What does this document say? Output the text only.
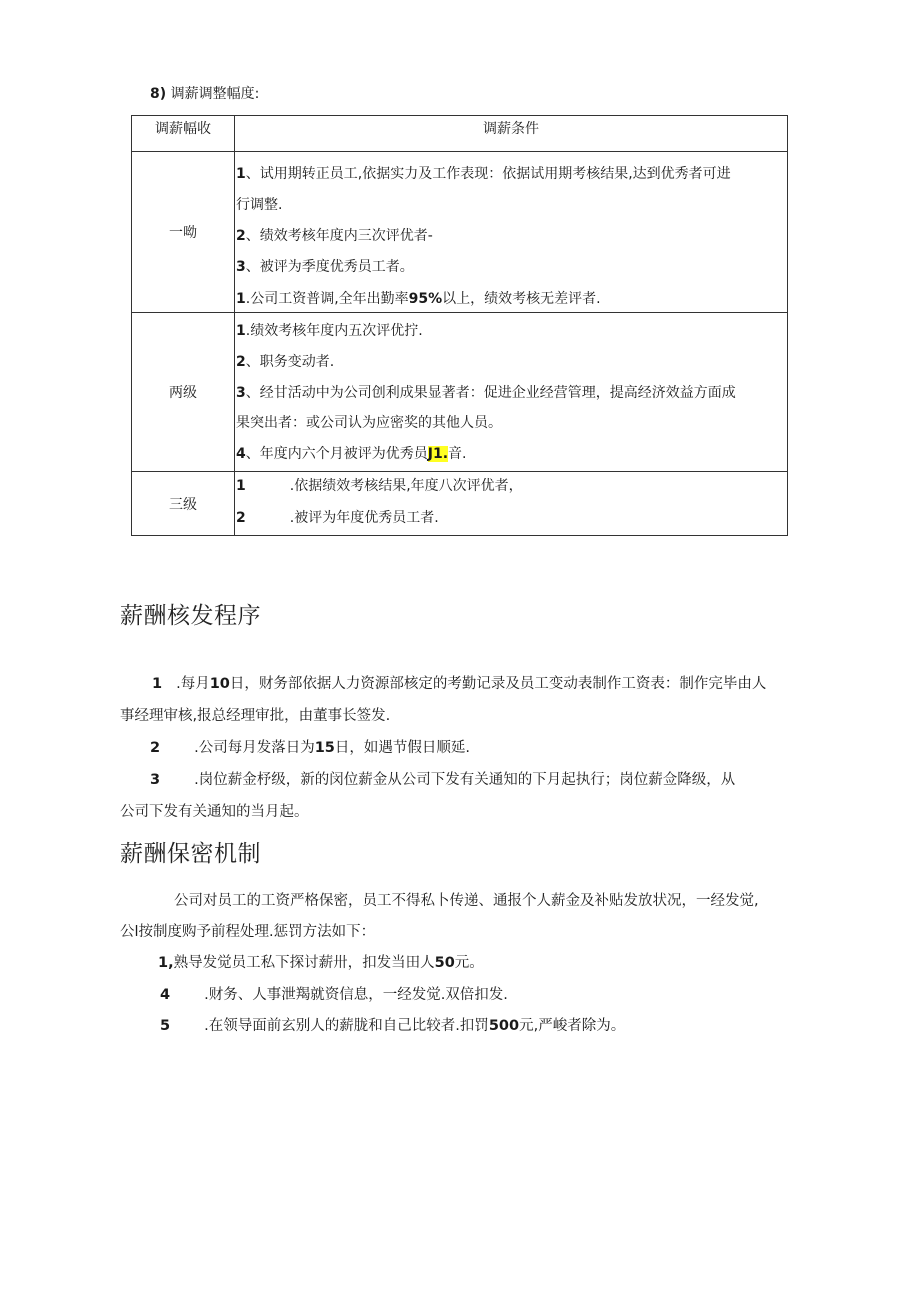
8) 调薪调整幅度:
调薪幅收	调薪条件
一呦	1、试用期转正员工,依据实力及工作表现：依据试用期考核结果,达到优秀者可进
行调整.
2、绩效考核年度内三次评优者-
3、被评为季度优秀员工者。
1.公司工资普调,全年出勤率95%以上，绩效考核无差评者.

两级	1.绩效考核年度内五次评优拧.
2、职务变动者.
3、经甘活动中为公司创利成果显著者：促进企业经营管理，提高经济效益方面成
果突出者：或公司认为应密奖的其他人员。
4、年度内六个月被评为优秀员J1.音.

三级	1 .依据绩效考核结果,年度八次评优者，
2 .被评为年度优秀员工者.
薪酬核发程序
1 .每月10日，财务部依据人力资源部核定的考勤记录及员工变动表制作工资表：制作完毕由人
事经理审核,报总经理审批，由董事长签发.
2 .公司每月发落日为15日，如遇节假日顺延.
3 .岗位薪金杼级，新的闵位薪金从公司下发有关通知的下月起执行；岗位薪佥降级，从
公司下发有关通知的当月起。
薪酬保密机制
公司对员工的工资严格保密，员工不得私卜传递、通报个人薪金及补贴发放状况，一经发觉,
公l按制度购予前程处理.惩罚方法如下：
1,熟导发觉员工私下探讨薪卅，扣发当田人50元。
4 .财务、人事泄羯就资信息，一经发觉.双倍扣发.
5 .在领导面前玄别人的薪胧和自己比较者.扣罚500元,严峻者除为。
